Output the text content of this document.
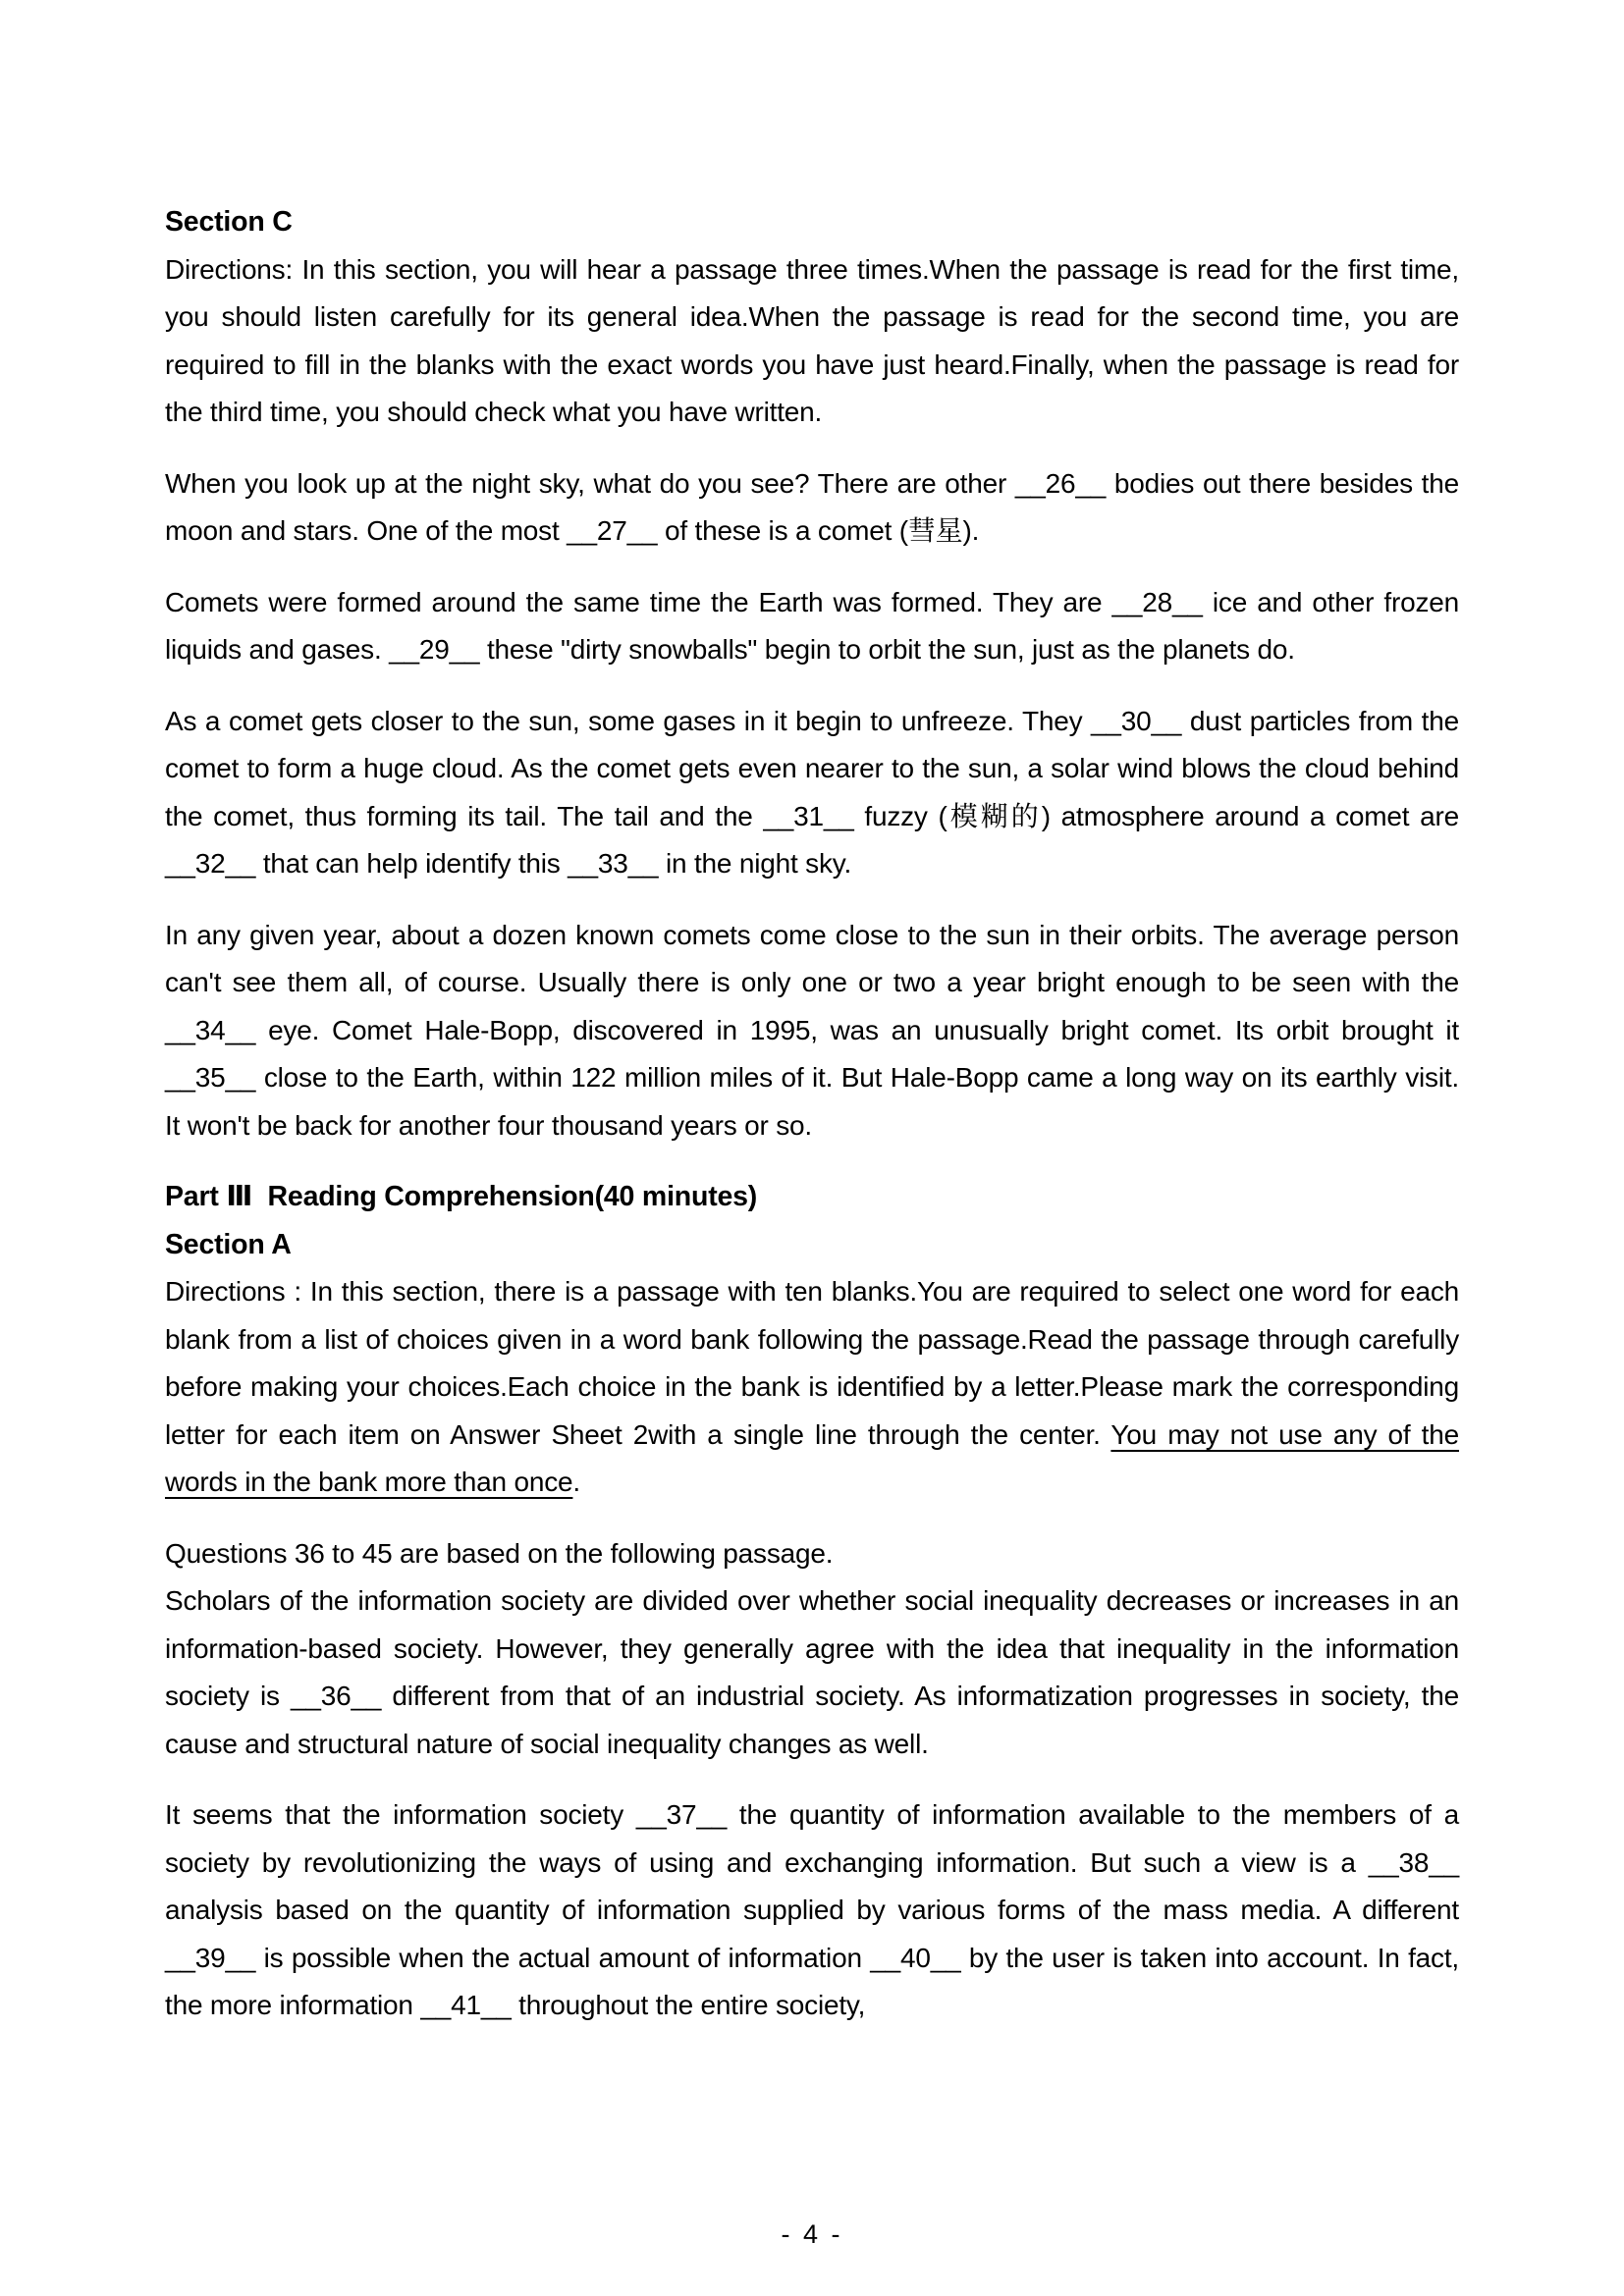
Section C

Directions: In this section, you will hear a passage three times.When the passage is read for the first time, you should listen carefully for its general idea.When the passage is read for the second time, you are required to fill in the blanks with the exact words you have just heard.Finally, when the passage is read for the third time, you should check what you have written.

When you look up at the night sky, what do you see? There are other __26__ bodies out there besides the moon and stars. One of the most __27__ of these is a comet (彗星).

Comets were formed around the same time the Earth was formed. They are __28__ ice and other frozen liquids and gases. __29__ these "dirty snowballs" begin to orbit the sun, just as the planets do.

As a comet gets closer to the sun, some gases in it begin to unfreeze. They __30__ dust particles from the comet to form a huge cloud. As the comet gets even nearer to the sun, a solar wind blows the cloud behind the comet, thus forming its tail. The tail and the __31__ fuzzy (模糊的) atmosphere around a comet are __32__ that can help identify this __33__ in the night sky.

In any given year, about a dozen known comets come close to the sun in their orbits. The average person can't see them all, of course. Usually there is only one or two a year bright enough to be seen with the __34__ eye. Comet Hale-Bopp, discovered in 1995, was an unusually bright comet. Its orbit brought it __35__ close to the Earth, within 122 million miles of it. But Hale-Bopp came a long way on its earthly visit. It won't be back for another four thousand years or so.

Part Ⅲ  Reading Comprehension(40 minutes)
Section A

Directions : In this section, there is a passage with ten blanks.You are required to select one word for each blank from a list of choices given in a word bank following the passage.Read the passage through carefully before making your choices.Each choice in the bank is identified by a letter.Please mark the corresponding letter for each item on Answer Sheet 2with a single line through the center. You may not use any of the words in the bank more than once.

Questions 36 to 45 are based on the following passage.

Scholars of the information society are divided over whether social inequality decreases or increases in an information-based society. However, they generally agree with the idea that inequality in the information society is __36__ different from that of an industrial society. As informatization progresses in society, the cause and structural nature of social inequality changes as well.

It seems that the information society __37__ the quantity of information available to the members of a society by revolutionizing the ways of using and exchanging information. But such a view is a __38__ analysis based on the quantity of information supplied by various forms of the mass media. A different __39__ is possible when the actual amount of information __40__ by the user is taken into account. In fact, the more information __41__ throughout the entire society,

- 4 -
